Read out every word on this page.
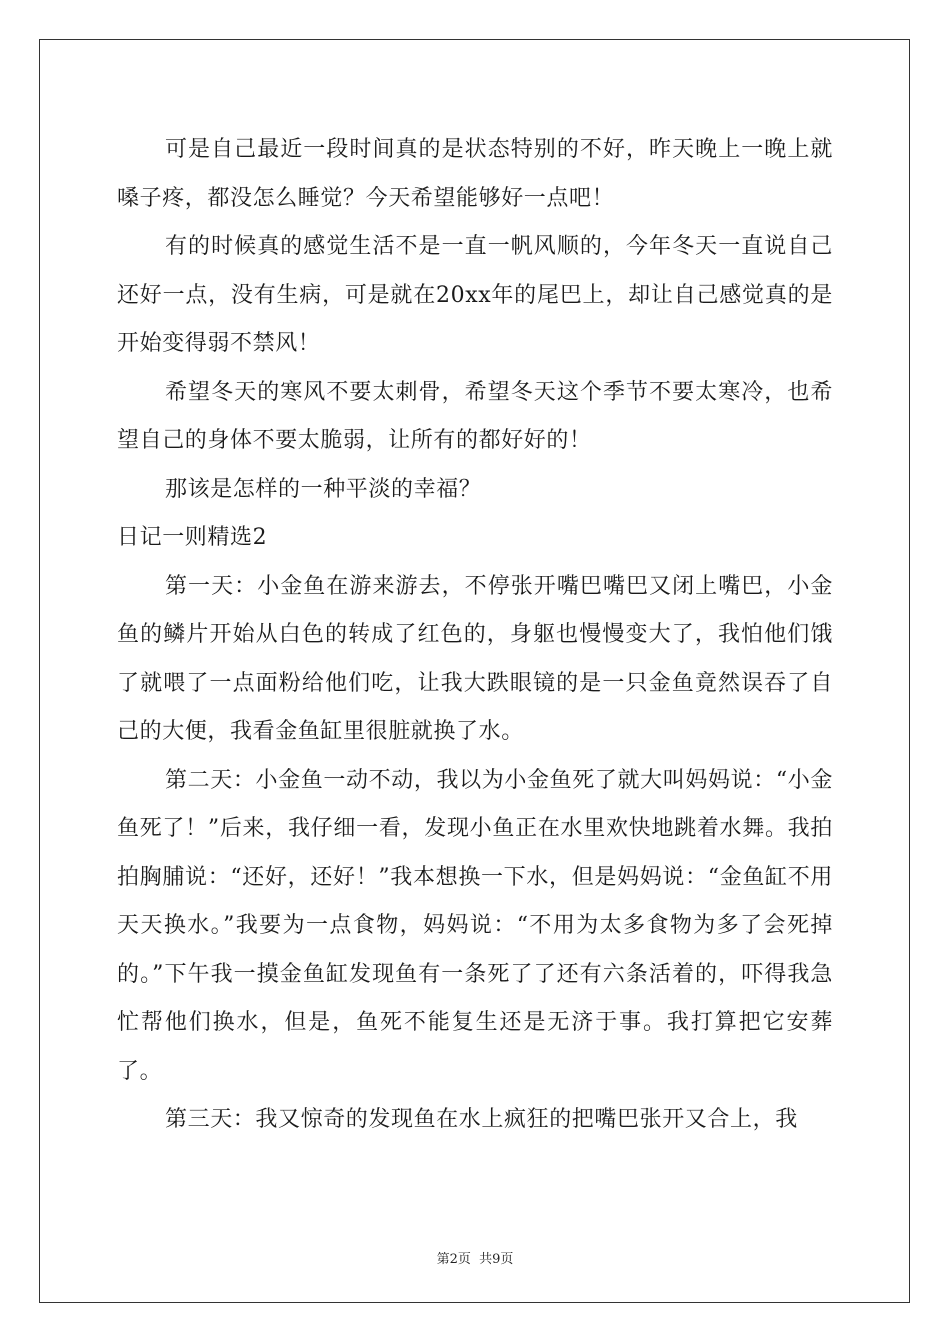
可是自己最近一段时间真的是状态特别的不好，昨天晚上一晚上就嗓子疼，都没怎么睡觉？今天希望能够好一点吧！

有的时候真的感觉生活不是一直一帆风顺的，今年冬天一直说自己还好一点，没有生病，可是就在20xx年的尾巴上，却让自己感觉真的是开始变得弱不禁风！

希望冬天的寒风不要太刺骨，希望冬天这个季节不要太寒冷，也希望自己的身体不要太脆弱，让所有的都好好的！

那该是怎样的一种平淡的幸福？

日记一则精选2

第一天：小金鱼在游来游去，不停张开嘴巴嘴巴又闭上嘴巴，小金鱼的鳞片开始从白色的转成了红色的，身躯也慢慢变大了，我怕他们饿了就喂了一点面粉给他们吃，让我大跌眼镜的是一只金鱼竟然误吞了自己的大便，我看金鱼缸里很脏就换了水。

第二天：小金鱼一动不动，我以为小金鱼死了就大叫妈妈说：“小金鱼死了！”后来，我仔细一看，发现小鱼正在水里欢快地跳着水舞。我拍拍胸脯说：“还好，还好！”我本想换一下水，但是妈妈说：“金鱼缸不用天天换水。”我要为一点食物，妈妈说：“不用为太多食物为多了会死掉的。”下午我一摸金鱼缸发现鱼有一条死了了还有六条活着的，吓得我急忙帮他们换水，但是，鱼死不能复生还是无济于事。我打算把它安葬了。

第三天：我又惊奇的发现鱼在水上疯狂的把嘴巴张开又合上，我

第2页 共9页
